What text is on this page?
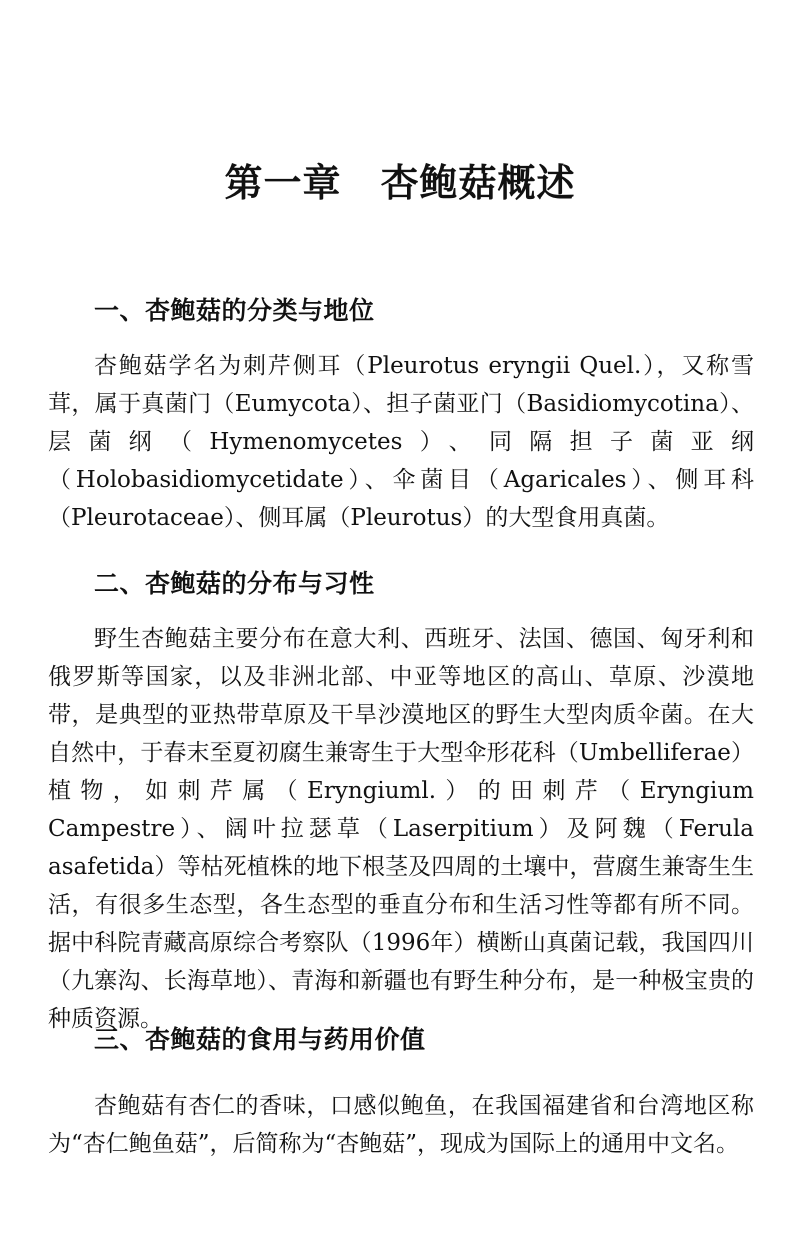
第一章　杏鲍菇概述
一、杏鲍菇的分类与地位

杏鲍菇学名为刺芹侧耳（Pleurotus eryngii Quel.），又称雪茸，属于真菌门（Eumycota）、担子菌亚门（Basidiomycotina）、层菌纲（Hymenomycetes）、同隔担子菌亚纲（Holobasidiomycetidate）、伞菌目（Agaricales）、侧耳科（Pleurotaceae）、侧耳属（Pleurotus）的大型食用真菌。

二、杏鲍菇的分布与习性

野生杏鲍菇主要分布在意大利、西班牙、法国、德国、匈牙利和俄罗斯等国家，以及非洲北部、中亚等地区的高山、草原、沙漠地带，是典型的亚热带草原及干旱沙漠地区的野生大型肉质伞菌。在大自然中，于春末至夏初腐生兼寄生于大型伞形花科（Umbelliferae）植物，如刺芹属（Eryngiuml.）的田刺芹（Eryngium Campestre）、阔叶拉瑟草（Laserpitium）及阿魏（Ferula asafetida）等枯死植株的地下根茎及四周的土壤中，营腐生兼寄生生活，有很多生态型，各生态型的垂直分布和生活习性等都有所不同。据中科院青藏高原综合考察队（1996年）横断山真菌记载，我国四川（九寨沟、长海草地）、青海和新疆也有野生种分布，是一种极宝贵的种质资源。

三、杏鲍菇的食用与药用价值

杏鲍菇有杏仁的香味，口感似鲍鱼，在我国福建省和台湾地区称为“杏仁鲍鱼菇”，后简称为“杏鲍菇”，现成为国际上的通用中文名。
